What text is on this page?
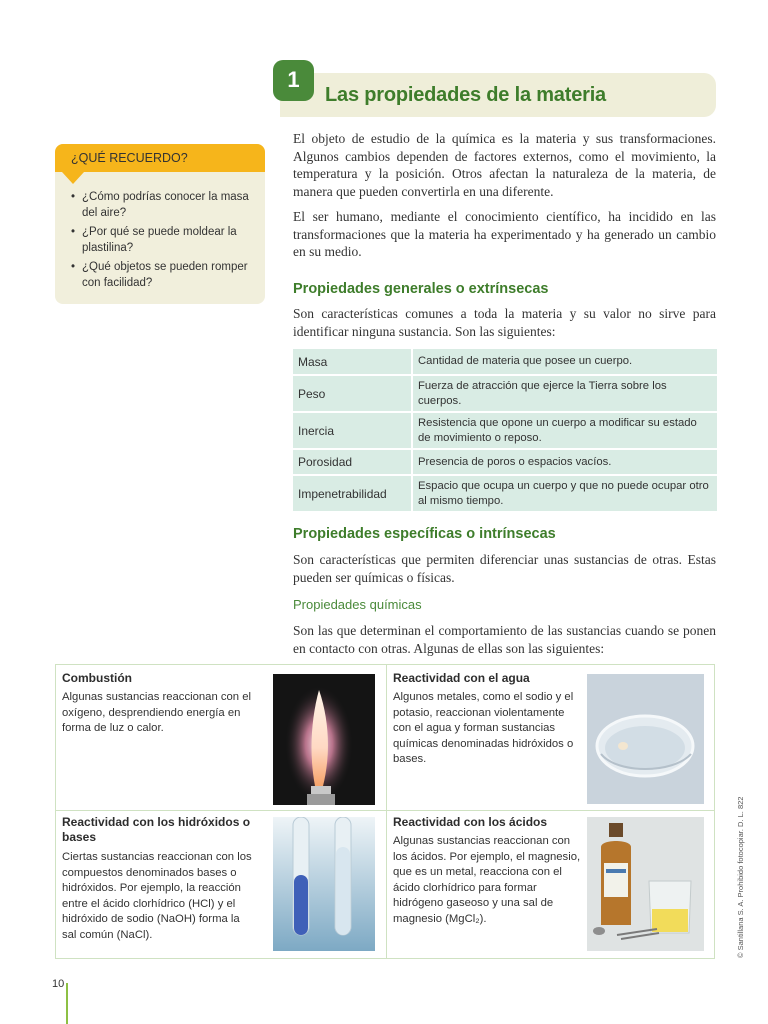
1
Las propiedades de la materia
¿QUÉ RECUERDO?
• ¿Cómo podrías conocer la masa del aire?
• ¿Por qué se puede moldear la plastilina?
• ¿Qué objetos se pueden romper con facilidad?

El objeto de estudio de la química es la materia y sus transformaciones. Algunos cambios dependen de factores externos, como el movimiento, la temperatura y la posición. Otros afectan la naturaleza de la materia, de manera que pueden convertirla en una diferente.

El ser humano, mediante el conocimiento científico, ha incidido en las transformaciones que la materia ha experimentado y ha generado un cambio en su medio.

Propiedades generales o extrínsecas

Son características comunes a toda la materia y su valor no sirve para identificar ninguna sustancia. Son las siguientes:

Masa	Cantidad de materia que posee un cuerpo.
Peso	Fuerza de atracción que ejerce la Tierra sobre los cuerpos.
Inercia	Resistencia que opone un cuerpo a modificar su estado de movimiento o reposo.
Porosidad	Presencia de poros o espacios vacíos.
Impenetrabilidad	Espacio que ocupa un cuerpo y que no puede ocupar otro al mismo tiempo.
Propiedades específicas o intrínsecas

Son características que permiten diferenciar unas sustancias de otras. Estas pueden ser químicas o físicas.

Propiedades químicas

Son las que determinan el comportamiento de las sustancias cuando se ponen en contacto con otras. Algunas de ellas son las siguientes:

Combustión
Algunas sustancias reaccionan con el oxígeno, desprendiendo energía en forma de luz o calor.
Reactividad con el agua
Algunos metales, como el sodio y el potasio, reaccionan violentamente con el agua y forman sustancias químicas denominadas hidróxidos o bases.
Reactividad con los hidróxidos o bases
Ciertas sustancias reaccionan con los compuestos denominados bases o hidróxidos. Por ejemplo, la reacción entre el ácido clorhídrico (HCl) y el hidróxido de sodio (NaOH) forma la sal común (NaCl).
Reactividad con los ácidos
Algunas sustancias reaccionan con los ácidos. Por ejemplo, el magnesio, que es un metal, reacciona con el ácido clorhídrico para formar hidrógeno gaseoso y una sal de magnesio (MgCl₂).
10
© Santillana S. A. Prohibido fotocopiar. D. L. 822
